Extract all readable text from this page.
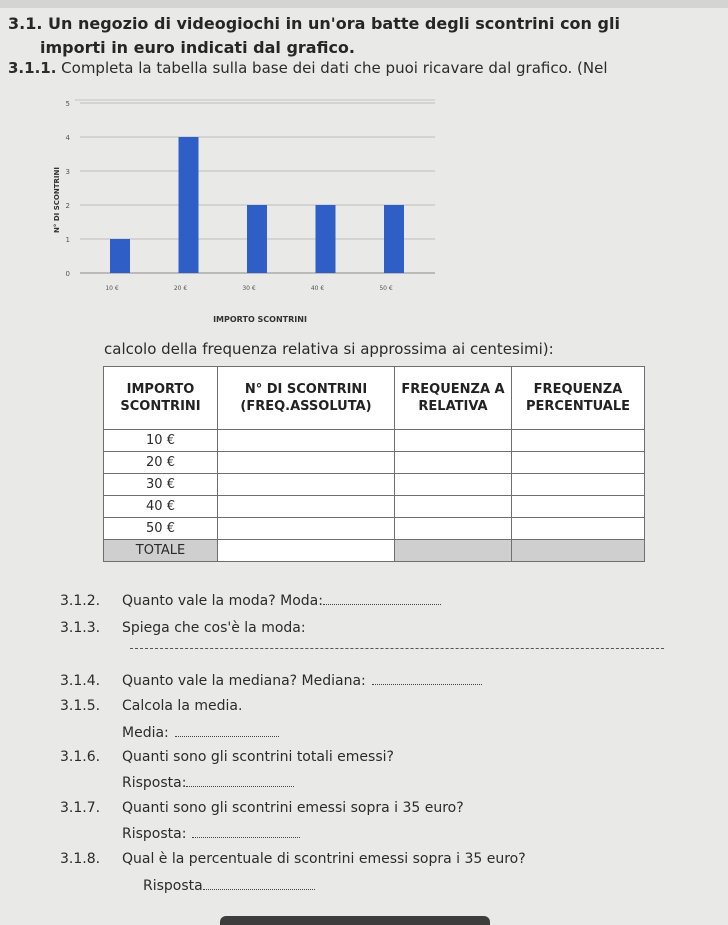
3.1. Un negozio di videogiochi in un'ora batte degli scontrini con gli
importi in euro indicati dal grafico.
3.1.1. Completa la tabella sulla base dei dati che puoi ricavare dal grafico. (Nel
0
1
2
3
4
5
10 €	20 €	30 €	40 €	50 €
IMPORTO SCONTRINI
N° DI SCONTRINI
calcolo della frequenza relativa si approssima ai centesimi):
IMPORTO SCONTRINI	N° DI SCONTRINI (FREQ.ASSOLUTA)	FREQUENZA A RELATIVA	FREQUENZA PERCENTUALE
10 €			
20 €			
30 €			
40 €			
50 €			
TOTALE			
3.1.2. Quanto vale la moda? Moda:
3.1.3. Spiega che cos'è la moda:
3.1.4. Quanto vale la mediana? Mediana:
3.1.5. Calcola la media.
Media:
3.1.6. Quanti sono gli scontrini totali emessi?
Risposta:
3.1.7. Quanti sono gli scontrini emessi sopra i 35 euro?
Risposta:
3.1.8. Qual è la percentuale di scontrini emessi sopra i 35 euro?
Risposta
